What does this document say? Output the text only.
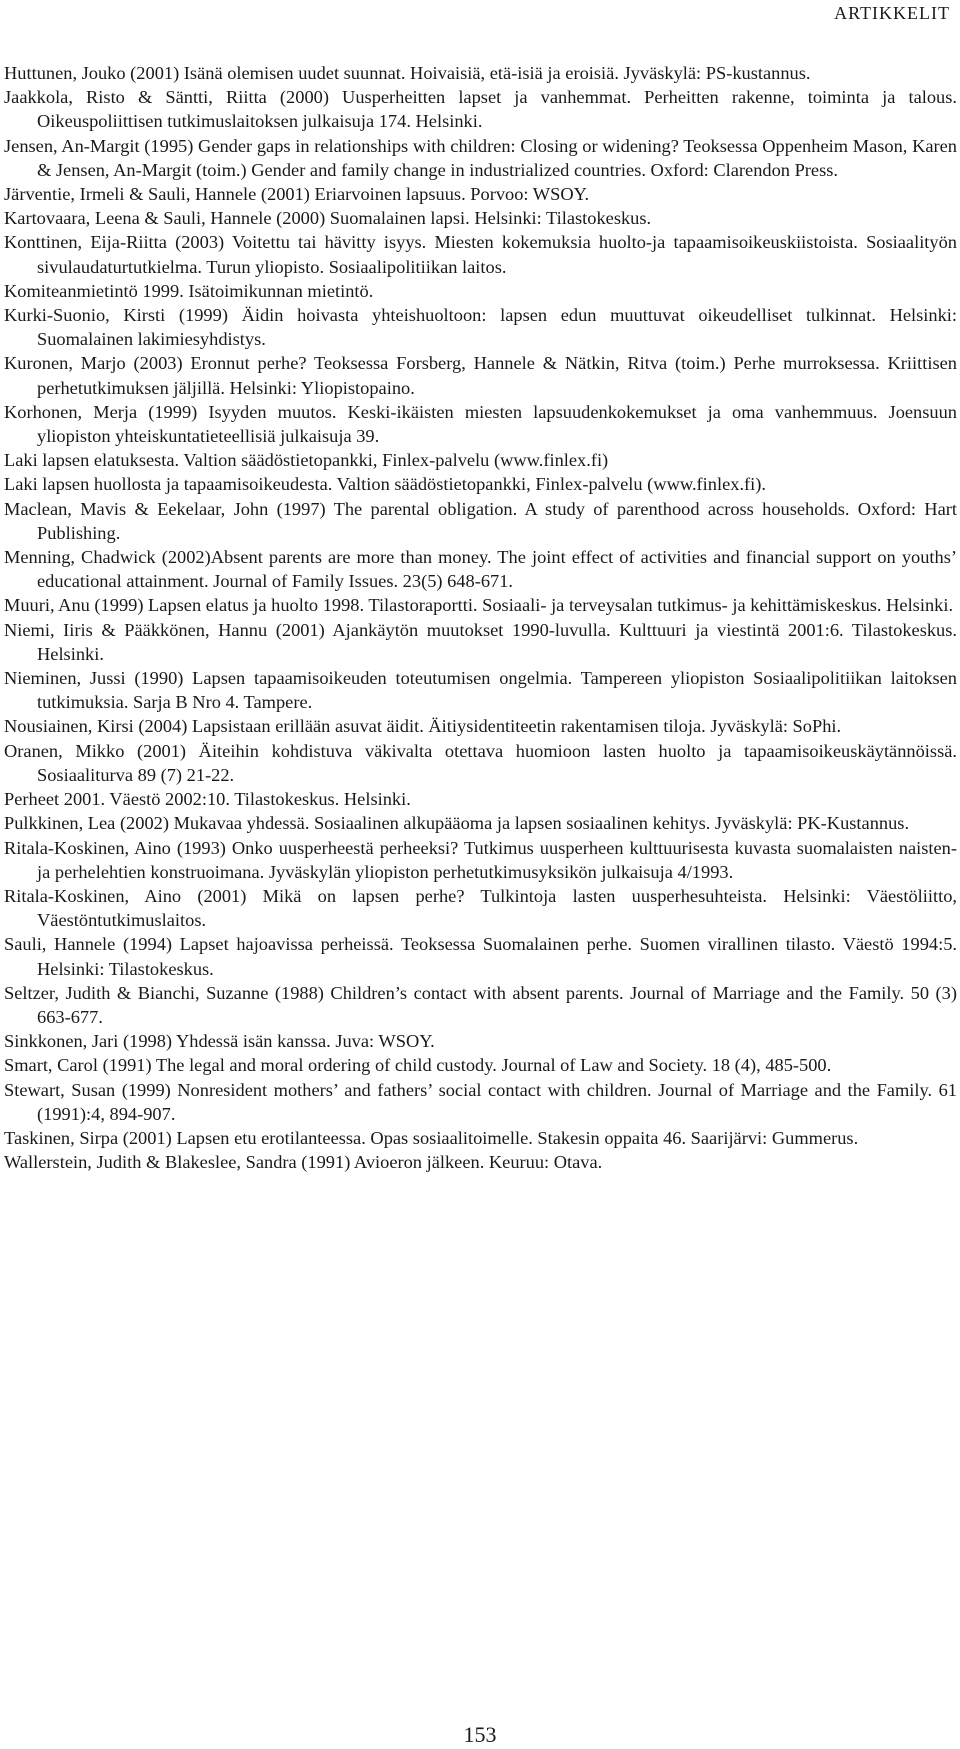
ARTIKKELIT

Huttunen, Jouko (2001) Isänä olemisen uudet suunnat. Hoivaisiä, etä-isiä ja eroisiä. Jyväskylä: PS-kustannus.

Jaakkola, Risto & Säntti, Riitta (2000) Uusperheitten lapset ja vanhemmat. Perheitten rakenne, toiminta ja talous. Oikeuspoliittisen tutkimuslaitoksen julkaisuja 174. Helsinki.

Jensen, An-Margit (1995) Gender gaps in relationships with children: Closing or widening? Teoksessa Oppenheim Mason, Karen & Jensen, An-Margit (toim.) Gender and family change in industrialized countries. Oxford: Clarendon Press.

Järventie, Irmeli & Sauli, Hannele (2001) Eriarvoinen lapsuus. Porvoo: WSOY.

Kartovaara, Leena & Sauli, Hannele (2000) Suomalainen lapsi. Helsinki: Tilastokeskus.

Konttinen, Eija-Riitta (2003) Voitettu tai hävitty isyys. Miesten kokemuksia huolto-ja tapaamisoikeuskiistoista. Sosiaalityön sivulaudaturtutkielma. Turun yliopisto. Sosiaalipolitiikan laitos.

Komiteanmietintö 1999. Isätoimikunnan mietintö.

Kurki-Suonio, Kirsti (1999) Äidin hoivasta yhteishuoltoon: lapsen edun muuttuvat oikeudelliset tulkinnat. Helsinki: Suomalainen lakimiesyhdistys.

Kuronen, Marjo (2003) Eronnut perhe? Teoksessa Forsberg, Hannele & Nätkin, Ritva (toim.) Perhe murroksessa. Kriittisen perhetutkimuksen jäljillä. Helsinki: Yliopistopaino.

Korhonen, Merja (1999) Isyyden muutos. Keski-ikäisten miesten lapsuudenkokemukset ja oma vanhemmuus. Joensuun yliopiston yhteiskuntatieteellisiä julkaisuja 39.

Laki lapsen elatuksesta. Valtion säädöstietopankki, Finlex-palvelu (www.finlex.fi)

Laki lapsen huollosta ja tapaamisoikeudesta. Valtion säädöstietopankki, Finlex-palvelu (www.finlex.fi).

Maclean, Mavis & Eekelaar, John (1997) The parental obligation. A study of parenthood across households. Oxford: Hart Publishing.

Menning, Chadwick (2002)Absent parents are more than money. The joint effect of activities and financial support on youths’ educational attainment. Journal of Family Issues. 23(5) 648-671.

Muuri, Anu (1999) Lapsen elatus ja huolto 1998. Tilastoraportti. Sosiaali- ja terveysalan tutkimus- ja kehittämiskeskus. Helsinki.

Niemi, Iiris & Pääkkönen, Hannu (2001) Ajankäytön muutokset 1990-luvulla. Kulttuuri ja viestintä 2001:6. Tilastokeskus. Helsinki.

Nieminen, Jussi (1990) Lapsen tapaamisoikeuden toteutumisen ongelmia. Tampereen yliopiston Sosiaalipolitiikan laitoksen tutkimuksia. Sarja B Nro 4. Tampere.

Nousiainen, Kirsi (2004) Lapsistaan erillään asuvat äidit. Äitiysidentiteetin rakentamisen tiloja. Jyväskylä: SoPhi.

Oranen, Mikko (2001) Äiteihin kohdistuva väkivalta otettava huomioon lasten huolto ja tapaamisoikeuskäytännöissä. Sosiaaliturva 89 (7) 21-22.

Perheet 2001. Väestö 2002:10. Tilastokeskus. Helsinki.

Pulkkinen, Lea (2002) Mukavaa yhdessä. Sosiaalinen alkupääoma ja lapsen sosiaalinen kehitys. Jyväskylä: PK-Kustannus.

Ritala-Koskinen, Aino (1993) Onko uusperheestä perheeksi? Tutkimus uusperheen kulttuurisesta kuvasta suomalaisten naisten- ja perhelehtien konstruoimana. Jyväskylän yliopiston perhetutkimusyksikön julkaisuja 4/1993.

Ritala-Koskinen, Aino (2001) Mikä on lapsen perhe? Tulkintoja lasten uusperhesuhteista. Helsinki: Väestöliitto, Väestöntutkimuslaitos.

Sauli, Hannele (1994) Lapset hajoavissa perheissä. Teoksessa Suomalainen perhe. Suomen virallinen tilasto. Väestö 1994:5. Helsinki: Tilastokeskus.

Seltzer, Judith & Bianchi, Suzanne (1988) Children’s contact with absent parents. Journal of Marriage and the Family. 50 (3) 663-677.

Sinkkonen, Jari (1998) Yhdessä isän kanssa. Juva: WSOY.

Smart, Carol (1991) The legal and moral ordering of child custody. Journal of Law and Society. 18 (4), 485-500.

Stewart, Susan (1999) Nonresident mothers’ and fathers’ social contact with children. Journal of Marriage and the Family. 61 (1991):4, 894-907.

Taskinen, Sirpa (2001) Lapsen etu erotilanteessa. Opas sosiaalitoimelle. Stakesin oppaita 46. Saarijärvi: Gummerus.

Wallerstein, Judith & Blakeslee, Sandra (1991) Avioeron jälkeen. Keuruu: Otava.

153
